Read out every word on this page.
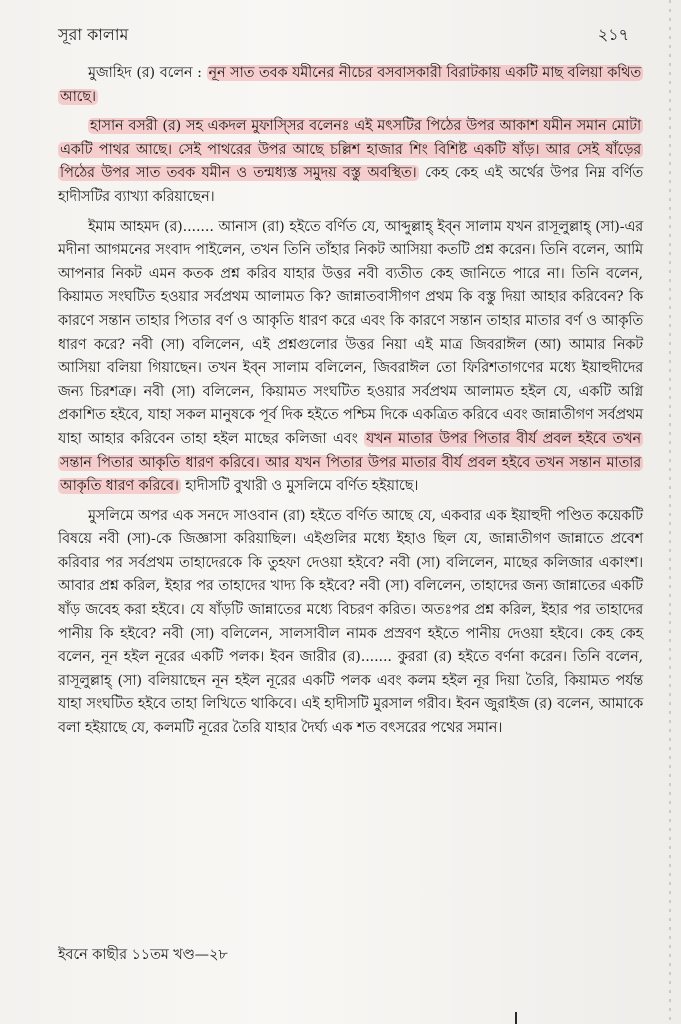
সূরা কালাম	২১৭

মুজাহিদ (র) বলেন : নূন সাত তবক যমীনের নীচের বসবাসকারী বিরাটকায় একটি মাছ বলিয়া কথিত আছে।

হাসান বসরী (র) সহ একদল মুফাস্সির বলেনঃ এই মৎসটির পিঠের উপর আকাশ যমীন সমান মোটা একটি পাথর আছে। সেই পাথরের উপর আছে চল্লিশ হাজার শিং বিশিষ্ট একটি ষাঁড়। আর সেই ষাঁড়ের পিঠের উপর সাত তবক যমীন ও তন্মধ্যস্ত সমুদয় বস্তু অবস্থিত। কেহ কেহ এই অর্থের উপর নিম্ন বর্ণিত হাদীসটির ব্যাখ্যা করিয়াছেন।

ইমাম আহমদ (র)....... আনাস (রা) হইতে বর্ণিত যে, আব্দুল্লাহ্ ইব্‌ন সালাম যখন রাসূলুল্লাহ্ (সা)-এর মদীনা আগমনের সংবাদ পাইলেন, তখন তিনি তাঁহার নিকট আসিয়া কতটি প্রশ্ন করেন। তিনি বলেন, আমি আপনার নিকট এমন কতক প্রশ্ন করিব যাহার উত্তর নবী ব্যতীত কেহ জানিতে পারে না। তিনি বলেন, কিয়ামত সংঘটিত হওয়ার সর্বপ্রথম আলামত কি? জান্নাতবাসীগণ প্রথম কি বস্তু দিয়া আহার করিবেন? কি কারণে সন্তান তাহার পিতার বর্ণ ও আকৃতি ধারণ করে এবং কি কারণে সন্তান তাহার মাতার বর্ণ ও আকৃতি ধারণ করে? নবী (সা) বলিলেন, এই প্রশ্নগুলোর উত্তর নিয়া এই মাত্র জিবরাঈল (আ) আমার নিকট আসিয়া বলিয়া গিয়াছেন। তখন ইব্‌ন সালাম বলিলেন, জিবরাঈল তো ফিরিশতাগণের মধ্যে ইয়াহুদীদের জন্য চিরশত্রু। নবী (সা) বলিলেন, কিয়ামত সংঘটিত হওয়ার সর্বপ্রথম আলামত হইল যে, একটি অগ্নি প্রকাশিত হইবে, যাহা সকল মানুষকে পূর্ব দিক হইতে পশ্চিম দিকে একত্রিত করিবে এবং জান্নাতীগণ সর্বপ্রথম যাহা আহার করিবেন তাহা হইল মাছের কলিজা এবং যখন মাতার উপর পিতার বীর্য প্রবল হইবে তখন সন্তান পিতার আকৃতি ধারণ করিবে। আর যখন পিতার উপর মাতার বীর্য প্রবল হইবে তখন সন্তান মাতার আকৃতি ধারণ করিবে। হাদীসটি বুখারী ও মুসলিমে বর্ণিত হইয়াছে।

মুসলিমে অপর এক সনদে সাওবান (রা) হইতে বর্ণিত আছে যে, একবার এক ইয়াহুদী পণ্ডিত কয়েকটি বিষয়ে নবী (সা)-কে জিজ্ঞাসা করিয়াছিল। এইগুলির মধ্যে ইহাও ছিল যে, জান্নাতীগণ জান্নাতে প্রবেশ করিবার পর সর্বপ্রথম তাহাদেরকে কি তুহফা দেওয়া হইবে? নবী (সা) বলিলেন, মাছের কলিজার একাংশ। আবার প্রশ্ন করিল, ইহার পর তাহাদের খাদ্য কি হইবে? নবী (সা) বলিলেন, তাহাদের জন্য জান্নাতের একটি ষাঁড় জবেহ করা হইবে। যে ষাঁড়টি জান্নাতের মধ্যে বিচরণ করিত। অতঃপর প্রশ্ন করিল, ইহার পর তাহাদের পানীয় কি হইবে? নবী (সা) বলিলেন, সালসাবীল নামক প্রস্রবণ হইতে পানীয় দেওয়া হইবে। কেহ কেহ বলেন, নূন হইল নূরের একটি পলক। ইবন জারীর (র)....... কুররা (র) হইতে বর্ণনা করেন। তিনি বলেন, রাসূলুল্লাহ্ (সা) বলিয়াছেন নূন হইল নূরের একটি পলক এবং কলম হইল নূর দিয়া তৈরি, কিয়ামত পর্যন্ত যাহা সংঘটিত হইবে তাহা লিখিতে থাকিবে। এই হাদীসটি মুরসাল গরীব। ইবন জুরাইজ (র) বলেন, আমাকে বলা হইয়াছে যে, কলমটি নূরের তৈরি যাহার দৈর্ঘ্য এক শত বৎসরের পথের সমান।

ইবনে কাছীর ১১তম খণ্ড—২৮
